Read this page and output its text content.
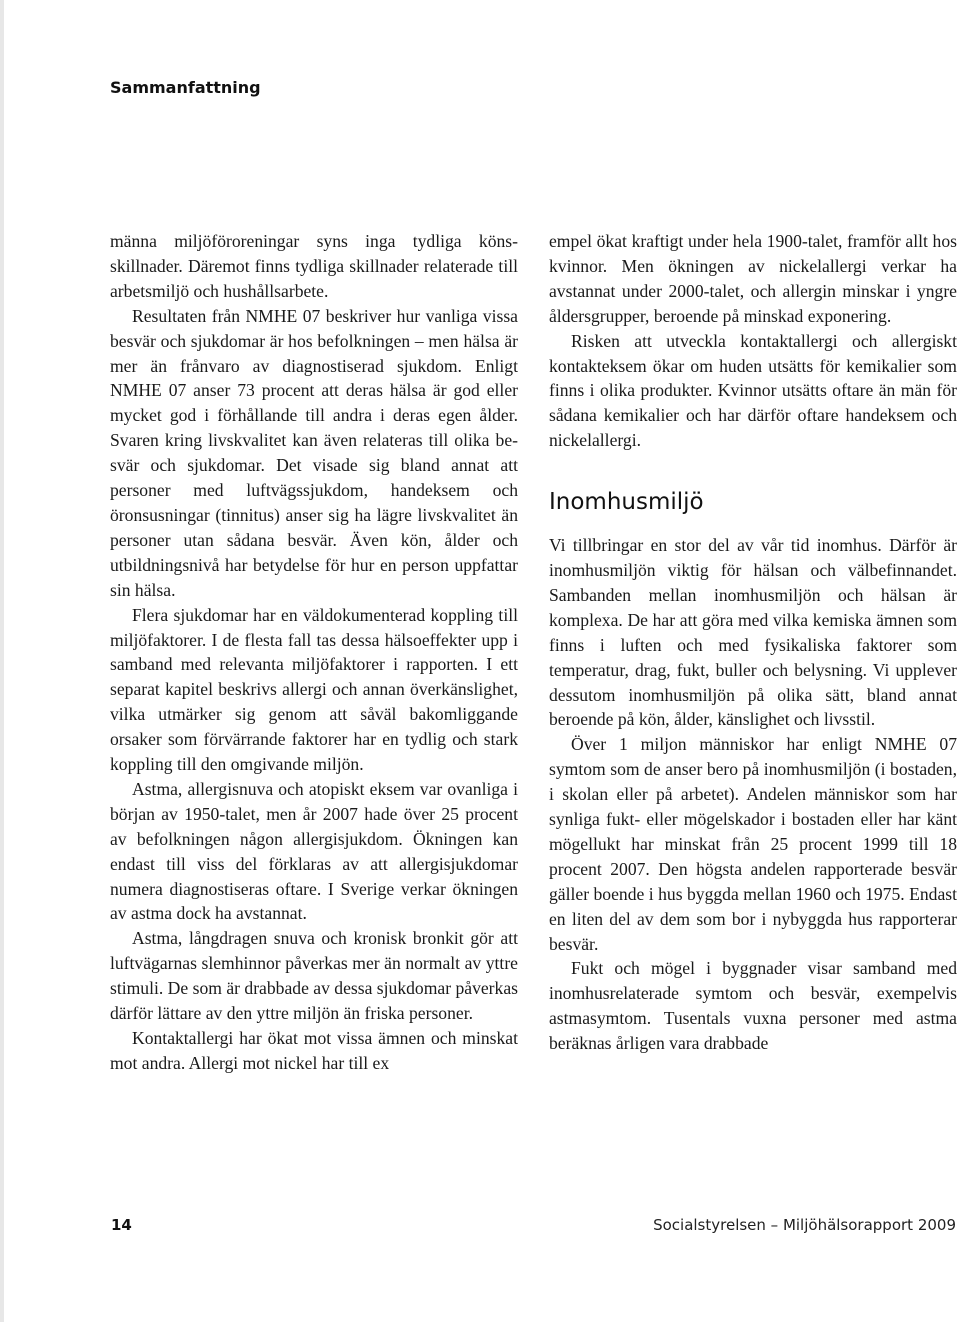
Sammanfattning

männa miljöföroreningar syns inga tydliga könsskillnader. Däremot finns tydliga skillnader relaterade till arbetsmiljö och hushållsarbete.

Resultaten från NMHE 07 beskriver hur vanliga vissa besvär och sjukdomar är hos befolkningen – men hälsa är mer än frånvaro av diagnostiserad sjukdom. Enligt NMHE 07 anser 73 procent att deras hälsa är god eller mycket god i förhållande till andra i deras egen ålder. Svaren kring livskvalitet kan även relateras till olika besvär och sjukdomar. Det visade sig bland annat att personer med luftvägssjukdom, handeksem och öronsusningar (tinnitus) anser sig ha lägre livskvalitet än personer utan sådana besvär. Även kön, ålder och utbildningsnivå har betydelse för hur en person uppfattar sin hälsa.

Flera sjukdomar har en väldokumenterad koppling till miljöfaktorer. I de flesta fall tas dessa hälsoeffekter upp i samband med relevanta miljöfaktorer i rapporten. I ett separat kapitel beskrivs allergi och annan överkänslighet, vilka utmärker sig genom att såväl bakomliggande orsaker som förvärrande faktorer har en tydlig och stark koppling till den omgivande miljön.

Astma, allergisnuva och atopiskt eksem var ovanliga i början av 1950-talet, men år 2007 hade över 25 procent av befolkningen någon allergisjukdom. Ökningen kan endast till viss del förklaras av att allergisjukdomar numera diagnostiseras oftare. I Sverige verkar ökningen av astma dock ha avstannat.

Astma, långdragen snuva och kronisk bronkit gör att luftvägarnas slemhinnor påverkas mer än normalt av yttre stimuli. De som är drabbade av dessa sjukdomar påverkas därför lättare av den yttre miljön än friska personer.

Kontaktallergi har ökat mot vissa ämnen och minskat mot andra. Allergi mot nickel har till ex

empel ökat kraftigt under hela 1900-talet, framför allt hos kvinnor. Men ökningen av nickelallergi verkar ha avstannat under 2000-talet, och allergin minskar i yngre åldersgrupper, beroende på minskad exponering.

Risken att utveckla kontaktallergi och allergiskt kontakteksem ökar om huden utsätts för kemikalier som finns i olika produkter. Kvinnor utsätts oftare än män för sådana kemikalier och har därför oftare handeksem och nickelallergi.

Inomhusmiljö

Vi tillbringar en stor del av vår tid inomhus. Därför är inomhusmiljön viktig för hälsan och välbefinnandet. Sambanden mellan inomhusmiljön och hälsan är komplexa. De har att göra med vilka kemiska ämnen som finns i luften och med fysikaliska faktorer som temperatur, drag, fukt, buller och belysning. Vi upplever dessutom inomhusmiljön på olika sätt, bland annat beroende på kön, ålder, känslighet och livsstil.

Över 1 miljon människor har enligt NMHE 07 symtom som de anser bero på inomhusmiljön (i bostaden, i skolan eller på arbetet). Andelen människor som har synliga fukt- eller mögelskador i bostaden eller har känt mögellukt har minskat från 25 procent 1999 till 18 procent 2007. Den högsta andelen rapporterade besvär gäller boende i hus byggda mellan 1960 och 1975. Endast en liten del av dem som bor i nybyggda hus rapporterar besvär.

Fukt och mögel i byggnader visar samband med inomhusrelaterade symtom och besvär, exempelvis astmasymtom. Tusentals vuxna personer med astma beräknas årligen vara drabbade

14	Socialstyrelsen – Miljöhälsorapport 2009
